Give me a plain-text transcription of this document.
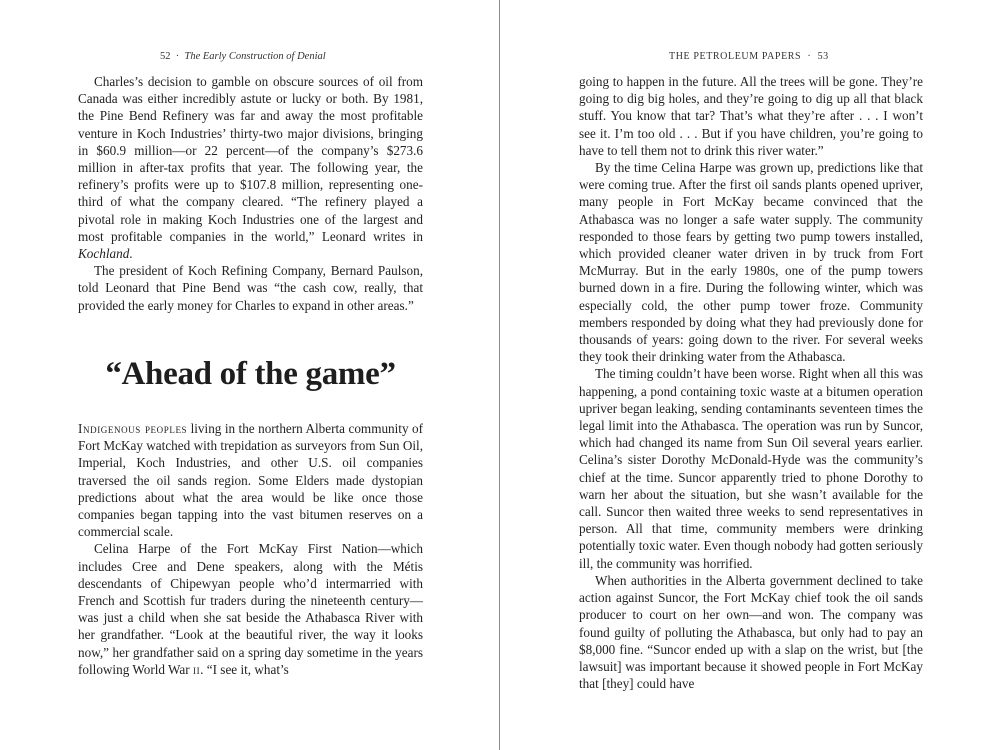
52 · The Early Construction of Denial

Charles’s decision to gamble on obscure sources of oil from Canada was either incredibly astute or lucky or both. By 1981, the Pine Bend Refinery was far and away the most profitable venture in Koch Industries’ thirty-two major divisions, bringing in $60.9 million—or 22 percent—of the company’s $273.6 million in after-tax profits that year. The following year, the refinery’s profits were up to $107.8 million, representing one-third of what the company cleared. “The refinery played a pivotal role in making Koch Industries one of the largest and most profitable companies in the world,” Leonard writes in Kochland.

The president of Koch Refining Company, Bernard Paulson, told Leonard that Pine Bend was “the cash cow, really, that provided the early money for Charles to expand in other areas.”

“Ahead of the game”

Indigenous peoples living in the northern Alberta community of Fort McKay watched with trepidation as surveyors from Sun Oil, Imperial, Koch Industries, and other U.S. oil companies traversed the oil sands region. Some Elders made dystopian predictions about what the area would be like once those companies began tapping into the vast bitumen reserves on a commercial scale.

Celina Harpe of the Fort McKay First Nation—which includes Cree and Dene speakers, along with the Métis descendants of Chipewyan people who’d intermarried with French and Scottish fur traders during the nineteenth century—was just a child when she sat beside the Athabasca River with her grandfather. “Look at the beautiful river, the way it looks now,” her grandfather said on a spring day sometime in the years following World War ii. “I see it, what’s

THE PETROLEUM PAPERS · 53

going to happen in the future. All the trees will be gone. They’re going to dig big holes, and they’re going to dig up all that black stuff. You know that tar? That’s what they’re after . . . I won’t see it. I’m too old . . . But if you have children, you’re going to have to tell them not to drink this river water.”

By the time Celina Harpe was grown up, predictions like that were coming true. After the first oil sands plants opened upriver, many people in Fort McKay became convinced that the Athabasca was no longer a safe water supply. The community responded to those fears by getting two pump towers installed, which provided cleaner water driven in by truck from Fort McMurray. But in the early 1980s, one of the pump towers burned down in a fire. During the following winter, which was especially cold, the other pump tower froze. Community members responded by doing what they had previously done for thousands of years: going down to the river. For several weeks they took their drinking water from the Athabasca.

The timing couldn’t have been worse. Right when all this was happening, a pond containing toxic waste at a bitumen operation upriver began leaking, sending contaminants seventeen times the legal limit into the Athabasca. The operation was run by Suncor, which had changed its name from Sun Oil several years earlier. Celina’s sister Dorothy McDonald-Hyde was the community’s chief at the time. Suncor apparently tried to phone Dorothy to warn her about the situation, but she wasn’t available for the call. Suncor then waited three weeks to send representatives in person. All that time, community members were drinking potentially toxic water. Even though nobody had gotten seriously ill, the community was horrified.

When authorities in the Alberta government declined to take action against Suncor, the Fort McKay chief took the oil sands producer to court on her own—and won. The company was found guilty of polluting the Athabasca, but only had to pay an $8,000 fine. “Suncor ended up with a slap on the wrist, but [the lawsuit] was important because it showed people in Fort McKay that [they] could have
